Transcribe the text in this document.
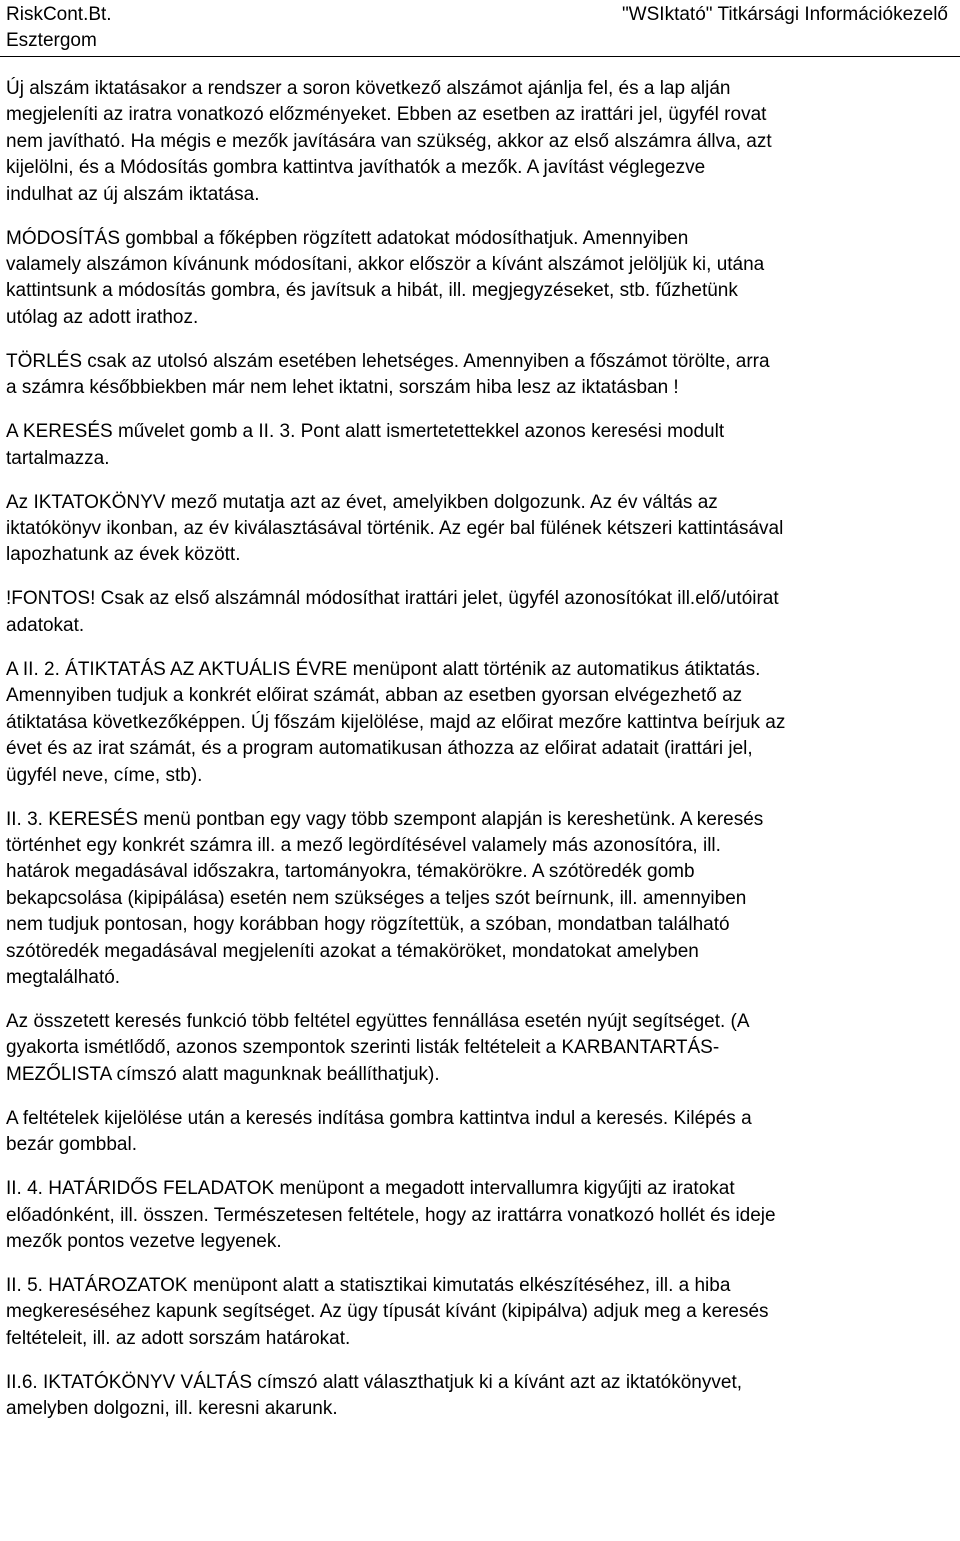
RiskCont.Bt.
Esztergom
"WSIktató" Titkársági Információkezelő

Új alszám iktatásakor a rendszer a soron következő alszámot ajánlja fel, és a lap alján
megjeleníti az iratra vonatkozó előzményeket. Ebben az esetben az irattári jel, ügyfél rovat
nem javítható. Ha mégis e mezők javítására van szükség, akkor az első alszámra állva, azt
kijelölni, és a Módosítás gombra kattintva javíthatók a mezők. A javítást véglegezve
indulhat az új alszám iktatása.

MÓDOSÍTÁS gombbal a főképben rögzített adatokat módosíthatjuk. Amennyiben
valamely alszámon kívánunk módosítani, akkor először a kívánt alszámot jelöljük ki, utána
kattintsunk a módosítás gombra, és javítsuk a hibát, ill. megjegyzéseket, stb. fűzhetünk
utólag az adott irathoz.

TÖRLÉS csak az utolsó alszám esetében lehetséges. Amennyiben a főszámot törölte, arra
a számra későbbiekben már nem lehet iktatni, sorszám hiba lesz az iktatásban !

A KERESÉS művelet gomb a II. 3. Pont alatt ismertetettekkel azonos keresési modult
tartalmazza.

Az IKTATOKÖNYV mező mutatja azt az évet, amelyikben dolgozunk. Az év váltás az
iktatókönyv ikonban, az év kiválasztásával történik. Az egér bal fülének kétszeri kattintásával
lapozhatunk az évek között.

!FONTOS! Csak az első alszámnál módosíthat irattári jelet, ügyfél azonosítókat ill.elő/utóirat
adatokat.

A II. 2. ÁTIKTATÁS AZ AKTUÁLIS ÉVRE menüpont alatt történik az automatikus átiktatás.
Amennyiben tudjuk a konkrét előirat számát, abban az esetben gyorsan elvégezhető az
átiktatása következőképpen. Új főszám kijelölése, majd az előirat mezőre kattintva beírjuk az
évet és az irat számát, és a program automatikusan áthozza az előirat adatait (irattári jel,
ügyfél neve, címe, stb).

II. 3. KERESÉS menü pontban egy vagy több szempont alapján is kereshetünk. A keresés
történhet egy konkrét számra ill. a mező legördítésével valamely más azonosítóra, ill.
határok megadásával időszakra, tartományokra, témakörökre. A szótöredék gomb
bekapcsolása (kipipálása) esetén nem szükséges a teljes szót beírnunk, ill. amennyiben
nem tudjuk pontosan, hogy korábban hogy rögzítettük, a szóban, mondatban található
szótöredék megadásával megjeleníti azokat a témaköröket, mondatokat amelyben
megtalálható.

Az összetett keresés funkció több feltétel együttes fennállása esetén nyújt segítséget. (A
gyakorta ismétlődő, azonos szempontok szerinti listák feltételeit a KARBANTARTÁS-
MEZŐLISTA címszó alatt magunknak beállíthatjuk).

A feltételek kijelölése után a keresés indítása gombra kattintva indul a keresés. Kilépés a
bezár gombbal.

II. 4. HATÁRIDŐS FELADATOK menüpont a megadott intervallumra kigyűjti az iratokat
előadónként, ill. összen. Természetesen feltétele, hogy az irattárra vonatkozó hollét és ideje
mezők pontos vezetve legyenek.

II. 5. HATÁROZATOK menüpont alatt a statisztikai kimutatás elkészítéséhez, ill. a hiba
megkereséséhez kapunk segítséget. Az ügy típusát kívánt (kipipálva) adjuk meg a keresés
feltételeit, ill. az adott sorszám határokat.

II.6. IKTATÓKÖNYV VÁLTÁS címszó alatt választhatjuk ki a kívánt azt az iktatókönyvet,
amelyben dolgozni, ill. keresni akarunk.
